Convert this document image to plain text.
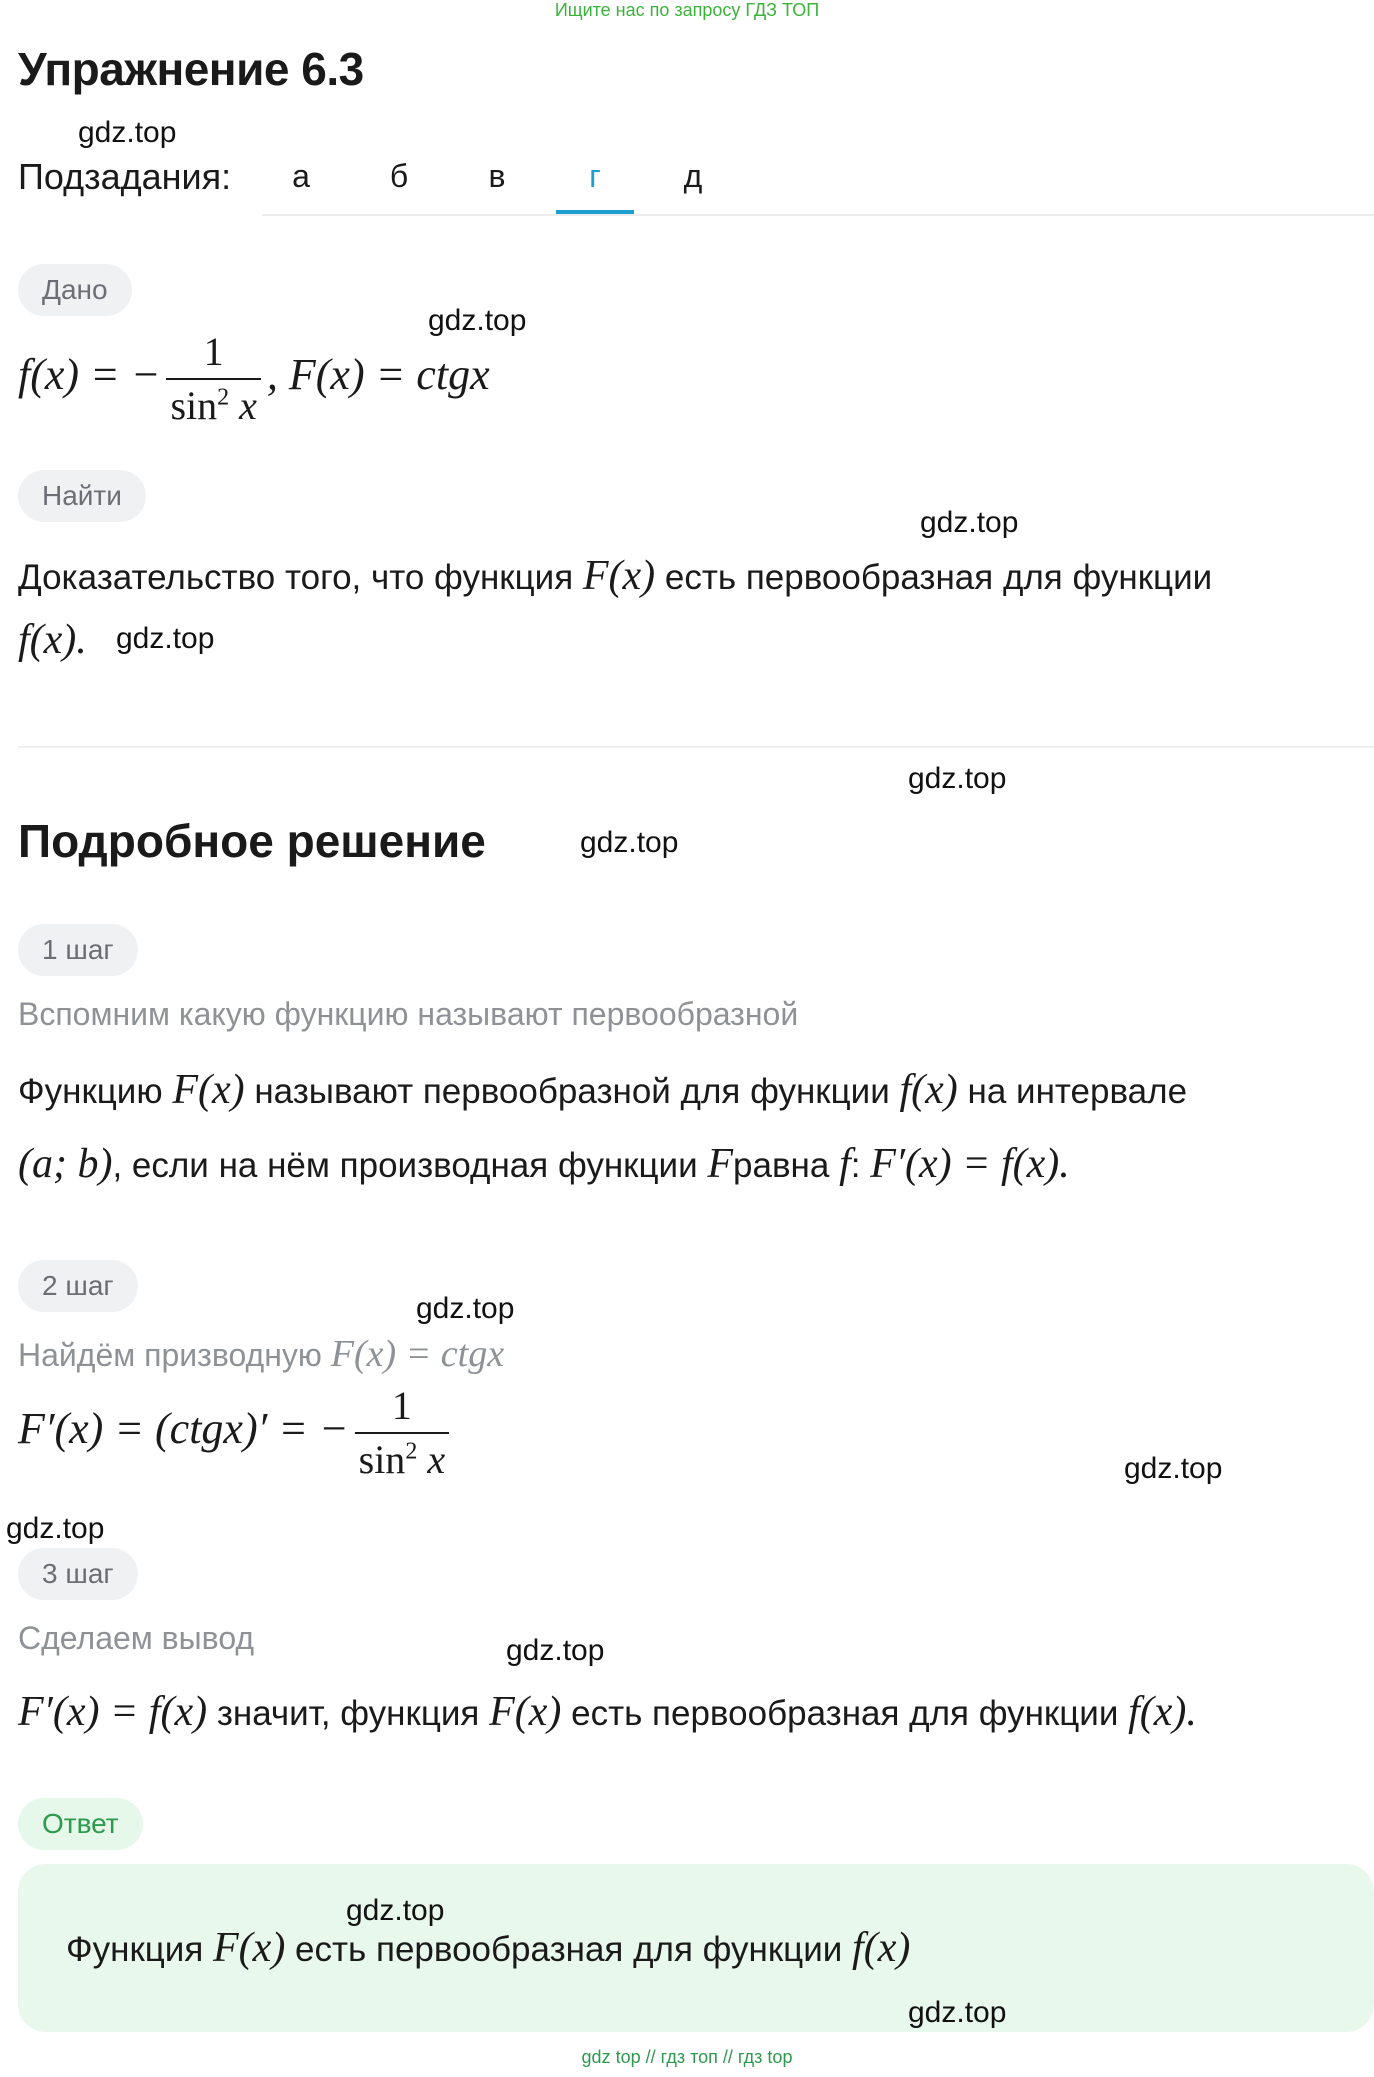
Ищите нас по запросу ГДЗ ТОП
Упражнение 6.3
gdz.top
Подзадания:	а	б	в	г	д
Дано
gdz.top
f(x) = − $\frac{1}{\sin^2 x}$ , F(x) = ctgx
Найти
gdz.top
Доказательство того, что функция F(x) есть первообразная для функции
f(x). gdz.top
gdz.top
Подробное решение	gdz.top
1 шаг
Вспомним какую функцию называют первообразной
Функцию F(x) называют первообразной для функции f(x) на интервале
(a; b), если на нём производная функции Fравна f: F′(x) = f(x).
2 шаг
gdz.top
Найдём призводную F(x) = ctgx
F′(x) = (ctgx)′ = − $\frac{1}{\sin^2 x}$	gdz.top
gdz.top
3 шаг
Сделаем вывод	gdz.top
F′(x) = f(x) значит, функция F(x) есть первообразная для функции f(x).
Ответ
gdz.top
Функция F(x) есть первообразная для функции f(x)
gdz.top
gdz top // гдз топ // гдз top
